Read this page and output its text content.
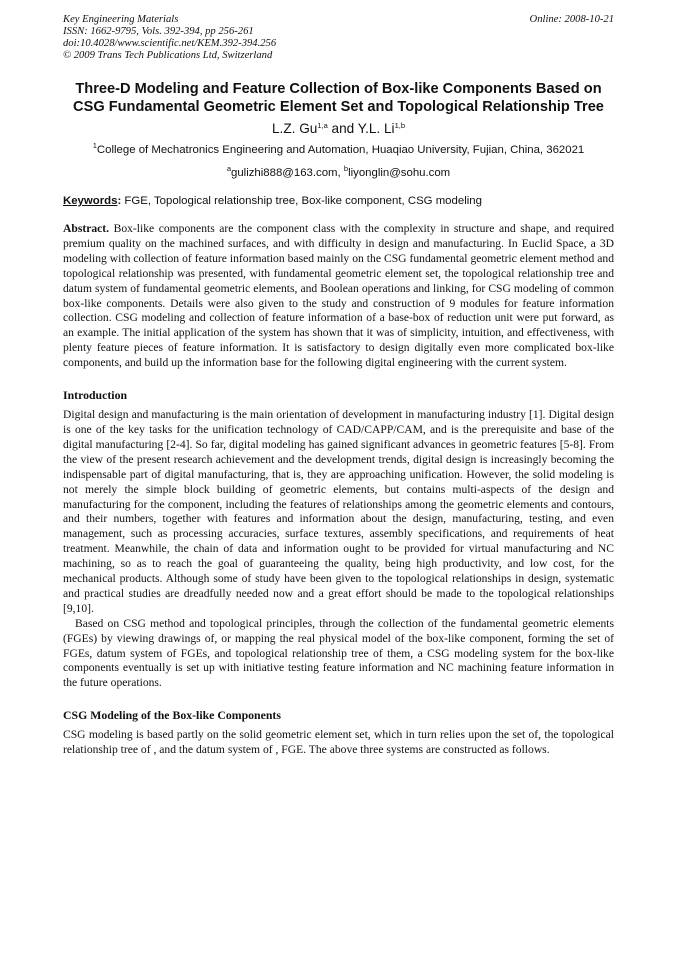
Key Engineering Materials
ISSN: 1662-9795, Vols. 392-394, pp 256-261
doi:10.4028/www.scientific.net/KEM.392-394.256
© 2009 Trans Tech Publications Ltd, Switzerland
Online: 2008-10-21
Three-D Modeling and Feature Collection of Box-like Components Based on CSG Fundamental Geometric Element Set and Topological Relationship Tree
L.Z. Gu$^{1,a}$ and Y.L. Li$^{1,b}$
$^1$College of Mechatronics Engineering and Automation, Huaqiao University, Fujian, China, 362021
$^a$gulizhi888@163.com, $^b$liyonglin@sohu.com
Keywords: FGE, Topological relationship tree, Box-like component, CSG modeling

Abstract. Box-like components are the component class with the complexity in structure and shape, and required premium quality on the machined surfaces, and with difficulty in design and manufacturing. In Euclid Space, a 3D modeling with collection of feature information based mainly on the CSG fundamental geometric element method and topological relationship was presented, with fundamental geometric element set, the topological relationship tree and datum system of fundamental geometric elements, and Boolean operations and linking, for CSG modeling of common box-like components. Details were also given to the study and construction of 9 modules for feature information collection. CSG modeling and collection of feature information of a base-box of reduction unit were put forward, as an example. The initial application of the system has shown that it was of simplicity, intuition, and effectiveness, with plenty feature pieces of feature information. It is satisfactory to design digitally even more complicated box-like components, and build up the information base for the following digital engineering with the current system.

Introduction

Digital design and manufacturing is the main orientation of development in manufacturing industry [1]. Digital design is one of the key tasks for the unification technology of CAD/CAPP/CAM, and is the prerequisite and base of the digital manufacturing [2-4]. So far, digital modeling has gained significant advances in geometric features [5-8]. From the view of the present research achievement and the development trends, digital design is increasingly becoming the indispensable part of digital manufacturing, that is, they are approaching unification. However, the solid modeling is not merely the simple block building of geometric elements, but contains multi-aspects of the design and manufacturing for the component, including the features of relationships among the geometric elements and contours, and their numbers, together with features and information about the design, manufacturing, testing, and even management, such as processing accuracies, surface textures, assembly specifications, and requirements of heat treatment. Meanwhile, the chain of data and information ought to be provided for virtual manufacturing and NC machining, so as to reach the goal of guaranteeing the quality, being high productivity, and low cost, for the mechanical products. Although some of study have been given to the topological relationships in design, systematic and practical studies are dreadfully needed now and a great effort should be made to the topological relationships [9,10].

Based on CSG method and topological principles, through the collection of the fundamental geometric elements (FGEs) by viewing drawings of, or mapping the real physical model of the box-like component, forming the set of FGEs, datum system of FGEs, and topological relationship tree of them, a CSG modeling system for the box-like components eventually is set up with initiative testing feature information and NC machining feature information in the future operations.

CSG Modeling of the Box-like Components

CSG modeling is based partly on the solid geometric element set, which in turn relies upon the set of, the topological relationship tree of , and the datum system of , FGE. The above three systems are constructed as follows.
